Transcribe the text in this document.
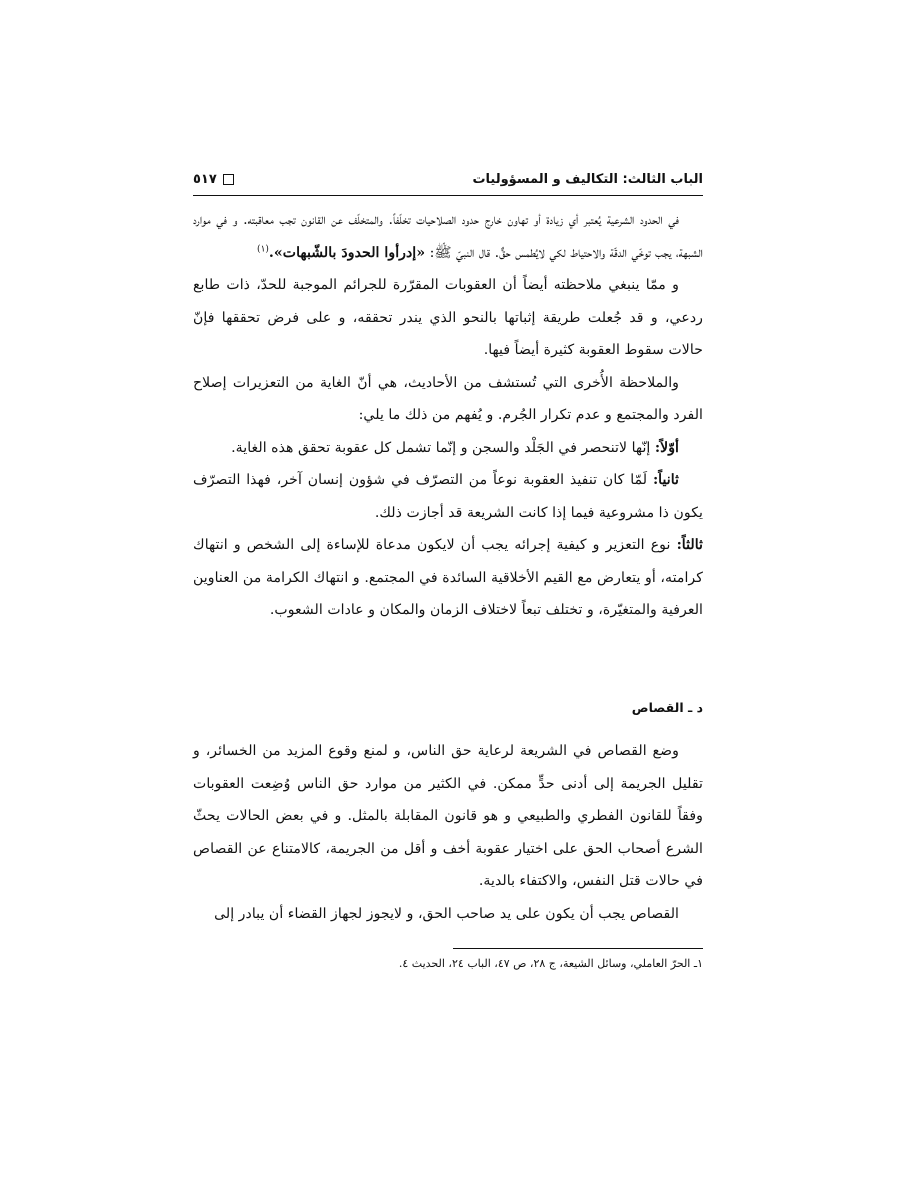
الباب الثالث: التكاليف و المسؤوليات
٥١٧

في الحدود الشرعية يُعتبر أي زيادة أو تهاون خارج حدود الصلاحيات تخلّفاً. والمتخلّف عن القانون تجب معاقبته. و في موارد الشبهة، يجب توخّي الدقّة والاحتياط لكي لايُطمس حقٌّ. قال النبيّ ﷺ: «إدرأوا الحدودَ بالشّبهات».$^{(١)}$

و ممّا ينبغي ملاحظته أيضاً أن العقوبات المقرّرة للجرائم الموجبة للحدّ، ذات طابع ردعي، و قد جُعلت طريقة إثباتها بالنحو الذي يندر تحققه، و على فرض تحققها فإنّ حالات سقوط العقوبة كثيرة أيضاً فيها.

والملاحظة الأُخرى التي تُستشف من الأحاديث، هي أنّ الغاية من التعزيرات إصلاح الفرد والمجتمع و عدم تكرار الجُرم. و يُفهم من ذلك ما يلي:

أوّلاً: إنّها لاتنحصر في الجَلْد والسجن و إنّما تشمل كل عقوبة تحقق هذه الغاية.

ثانياً: لَمّا كان تنفيذ العقوبة نوعاً من التصرّف في شؤون إنسان آخر، فهذا التصرّف يكون ذا مشروعية فيما إذا كانت الشريعة قد أجازت ذلك.

ثالثاً: نوع التعزير و كيفية إجرائه يجب أن لايكون مدعاة للإساءة إلى الشخص و انتهاك كرامته، أو يتعارض مع القيم الأخلاقية السائدة في المجتمع. و انتهاك الكرامة من العناوين العرفية والمتغيّرة، و تختلف تبعاً لاختلاف الزمان والمكان و عادات الشعوب.

د ـ القصاص

وضع القصاص في الشريعة لرعاية حق الناس، و لمنع وقوع المزيد من الخسائر، و تقليل الجريمة إلى أدنى حدٍّ ممكن. في الكثير من موارد حق الناس وُضِعت العقوبات وفقاً للقانون الفطري والطبيعي و هو قانون المقابلة بالمثل. و في بعض الحالات يحثّ الشرع أصحاب الحق على اختيار عقوبة أخف و أقل من الجريمة، كالامتناع عن القصاص في حالات قتل النفس، والاكتفاء بالدية.

القصاص يجب أن يكون على يد صاحب الحق، و لايجوز لجهاز القضاء أن يبادر إلى

١ـ الحرّ العاملي، وسائل الشيعة، ج ٢٨، ص ٤٧، الباب ٢٤، الحديث ٤.
